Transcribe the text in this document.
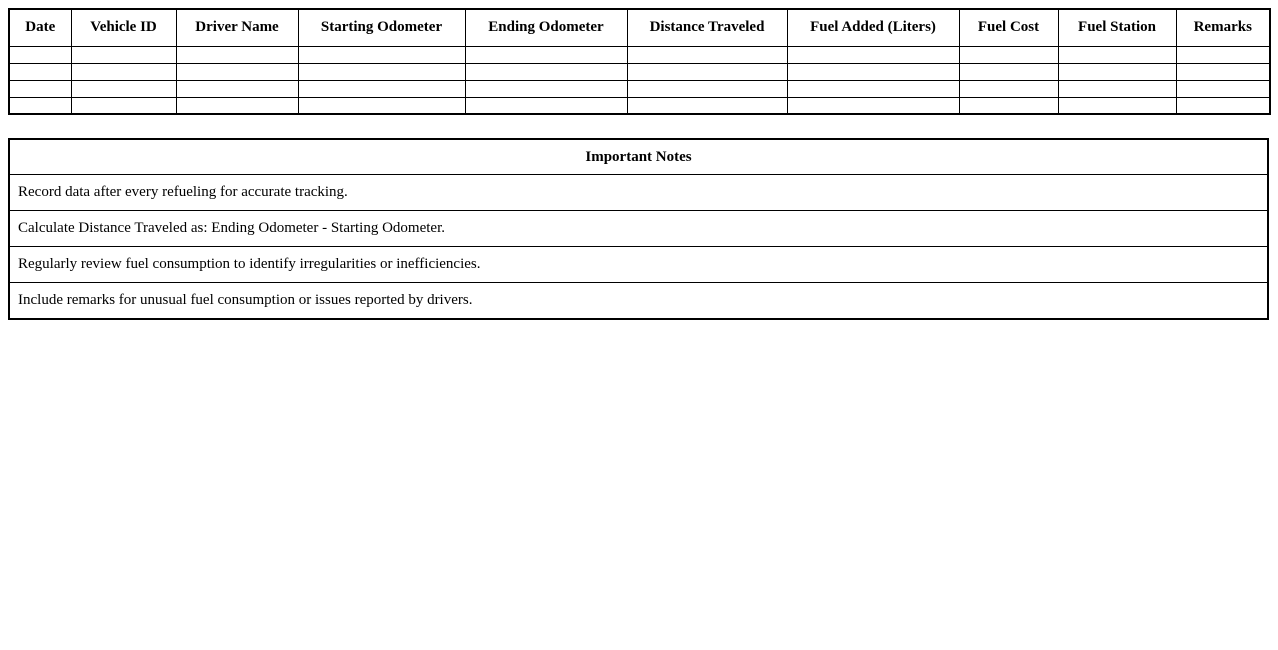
Date	Vehicle ID	Driver Name	Starting Odometer	Ending Odometer	Distance Traveled	Fuel Added (Liters)	Fuel Cost	Fuel Station	Remarks

Important Notes
Record data after every refueling for accurate tracking.
Calculate Distance Traveled as: Ending Odometer - Starting Odometer.
Regularly review fuel consumption to identify irregularities or inefficiencies.
Include remarks for unusual fuel consumption or issues reported by drivers.
